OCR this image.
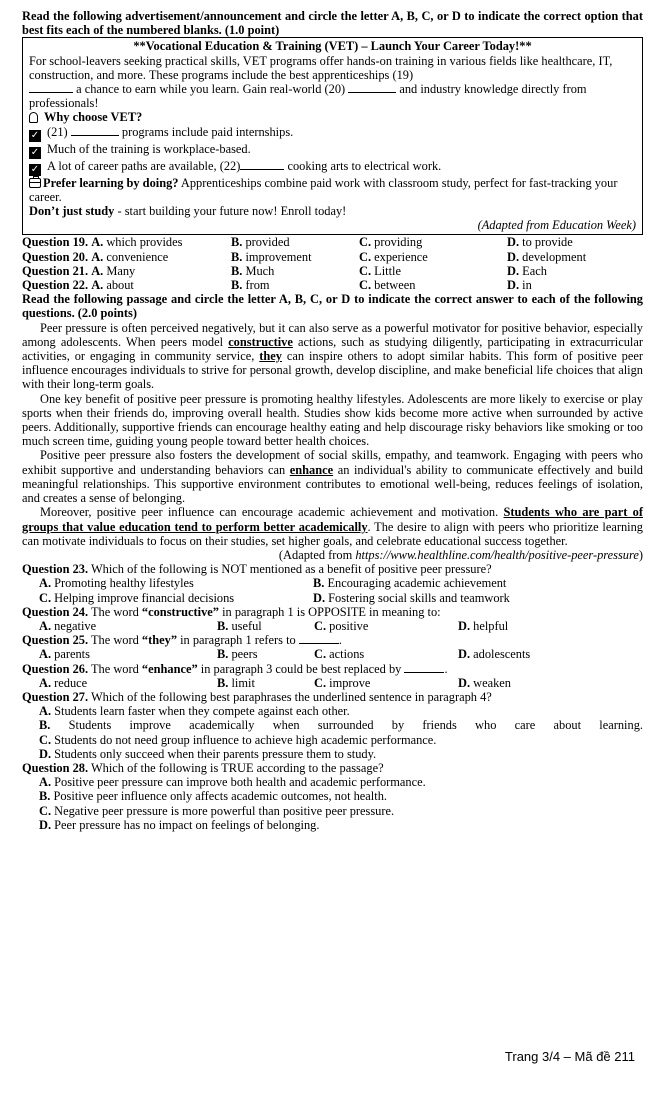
Read the following advertisement/announcement and circle the letter A, B, C, or D to indicate the correct option that best fits each of the numbered blanks. (1.0 point)
**Vocational Education & Training (VET) – Launch Your Career Today!**
For school-leavers seeking practical skills, VET programs offer hands-on training in various fields like healthcare, IT, construction, and more. These programs include the best apprenticeships (19)
a chance to earn while you learn. Gain real-world (20)	and industry knowledge directly from professionals!
Why choose VET?
✓ (21)	programs include paid internships.
✓ Much of the training is workplace-based.
✓ A lot of career paths are available, (22)	cooking arts to electrical work.
Prefer learning by doing? Apprenticeships combine paid work with classroom study, perfect for fast-tracking your career.
Don’t just study - start building your future now! Enroll today!
(Adapted from Education Week)
Question 19. A. which provides	B. provided	C. providing	D. to provide
Question 20. A. convenience	B. improvement	C. experience	D. development
Question 21. A. Many	B. Much	C. Little	D. Each
Question 22. A. about	B. from	C. between	D. in
Read the following passage and circle the letter A, B, C, or D to indicate the correct answer to each of the following questions. (2.0 points)
Peer pressure is often perceived negatively, but it can also serve as a powerful motivator for positive behavior, especially among adolescents. When peers model constructive actions, such as studying diligently, participating in extracurricular activities, or engaging in community service, they can inspire others to adopt similar habits. This form of positive peer influence encourages individuals to strive for personal growth, develop discipline, and make beneficial life choices that align with their long-term goals.
One key benefit of positive peer pressure is promoting healthy lifestyles. Adolescents are more likely to exercise or play sports when their friends do, improving overall health. Studies show kids become more active when surrounded by active peers. Additionally, supportive friends can encourage healthy eating and help discourage risky behaviors like smoking or too much screen time, guiding young people toward better health choices.
Positive peer pressure also fosters the development of social skills, empathy, and teamwork. Engaging with peers who exhibit supportive and understanding behaviors can enhance an individual's ability to communicate effectively and build meaningful relationships. This supportive environment contributes to emotional well-being, reduces feelings of isolation, and creates a sense of belonging.
Moreover, positive peer influence can encourage academic achievement and motivation. Students who are part of groups that value education tend to perform better academically. The desire to align with peers who prioritize learning can motivate individuals to focus on their studies, set higher goals, and celebrate educational success together.
(Adapted from https://www.healthline.com/health/positive-peer-pressure)
Question 23. Which of the following is NOT mentioned as a benefit of positive peer pressure?
A. Promoting healthy lifestyles	B. Encouraging academic achievement
C. Helping improve financial decisions	D. Fostering social skills and teamwork
Question 24. The word “constructive” in paragraph 1 is OPPOSITE in meaning to:
A. negative	B. useful	C. positive	D. helpful
Question 25. The word “they” in paragraph 1 refers to	.
A. parents	B. peers	C. actions	D. adolescents
Question 26. The word “enhance” in paragraph 3 could be best replaced by	.
A. reduce	B. limit	C. improve	D. weaken
Question 27. Which of the following best paraphrases the underlined sentence in paragraph 4?
A. Students learn faster when they compete against each other.
B. Students improve academically when surrounded by friends who care about learning.
C. Students do not need group influence to achieve high academic performance.
D. Students only succeed when their parents pressure them to study.
Question 28. Which of the following is TRUE according to the passage?
A. Positive peer pressure can improve both health and academic performance.
B. Positive peer influence only affects academic outcomes, not health.
C. Negative peer pressure is more powerful than positive peer pressure.
D. Peer pressure has no impact on feelings of belonging.
Trang 3/4 – Mã đề 211
